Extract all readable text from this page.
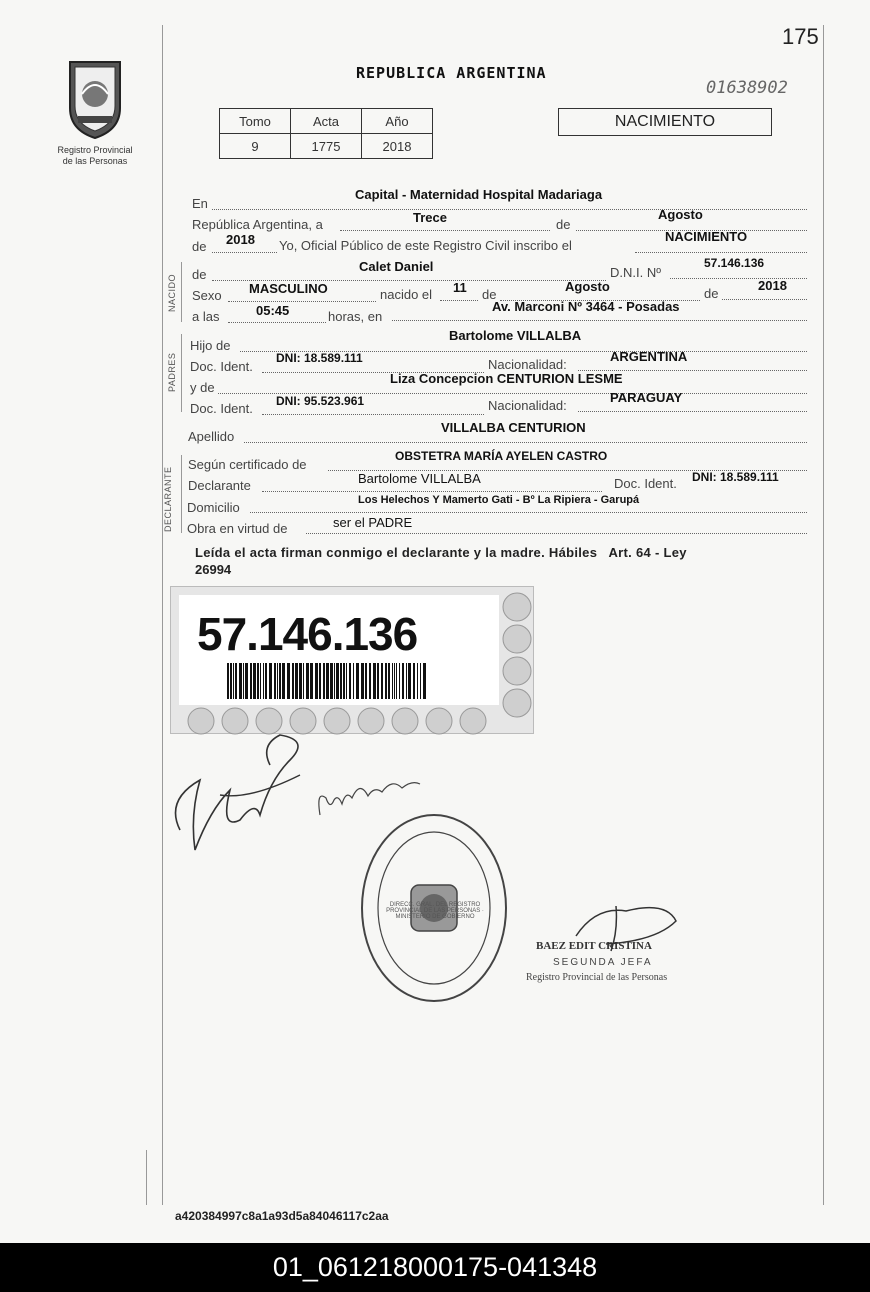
175
01638902
Registro Provincial
de las Personas
REPUBLICA ARGENTINA
Tomo	Acta	Año
9	1775	2018
NACIMIENTO
En
Capital - Maternidad Hospital Madariaga
República Argentina, a	Trece	de
Agosto
de 2018 Yo, Oficial Público de este Registro Civil inscribo el
NACIMIENTO
NACIDO de
Calet Daniel	D.N.I. Nº
57.146.136
Sexo MASCULINO	nacido el 11 de
Agosto	de
2018
a las	05:45	horas, en
Av. Marconi Nº 3464 - Posadas
PADRES
Hijo de
Bartolome VILLALBA
Doc. Ident.
DNI: 18.589.111	Nacionalidad:
ARGENTINA
y de
Liza Concepcion CENTURION LESME
Doc. Ident. DNI: 95.523.961	Nacionalidad:
PARAGUAY
Apellido
VILLALBA CENTURION
DECLARANTE
Según certificado de
OBSTETRA MARÍA AYELEN CASTRO
Declarante	Bartolome VILLALBA	Doc. Ident. DNI: 18.589.111
Domicilio	Los Helechos Y Mamerto Gati - Bº La Ripiera - Garupá
Obra en virtud de	ser el PADRE
Leída el acta firman conmigo el declarante y la madre. Hábiles   Art. 64 - Ley
26994
57.146.136
DIRECC. GRAL. DEL REGISTRO PROVINCIAL DE LAS PERSONAS · MINISTERIO DE GOBIERNO
BAEZ EDIT CRISTINA
SEGUNDA JEFA
Registro Provincial de las Personas
a420384997c8a1a93d5a84046117c2aa
01_061218000175-041348
